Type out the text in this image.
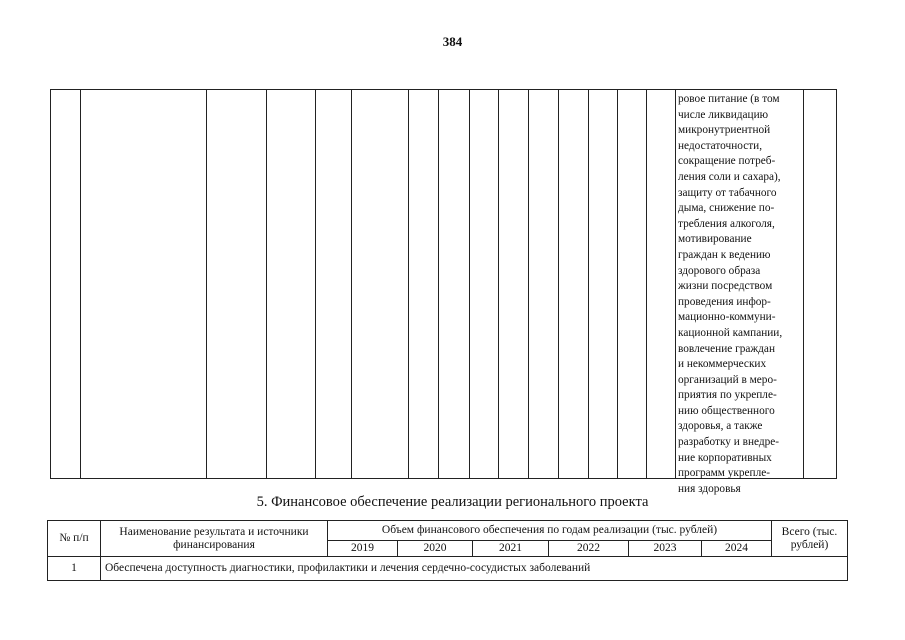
384
ровое питание (в том
числе ликвидацию
микронутриентной
недостаточности,
сокращение потреб-
ления соли и сахара),
защиту от табачного
дыма, снижение по-
требления алкоголя,
мотивирование
граждан к ведению
здорового образа
жизни посредством
проведения инфор-
мационно-коммуни-
кационной кампании,
вовлечение граждан
и некоммерческих
организаций в меро-
приятия по укрепле-
нию общественного
здоровья, а также
разработку и внедре-
ние корпоративных
программ укрепле-
ния здоровья
5. Финансовое обеспечение реализации регионального проекта
№ п/п	Наименование результата и источники финансирования	Объем финансового обеспечения по годам реализации (тыс. рублей)						Всего (тыс. рублей)
		2019	2020	2021	2022	2023	2024	
1	Обеспечена доступность диагностики, профилактики и лечения сердечно-сосудистых заболеваний							
